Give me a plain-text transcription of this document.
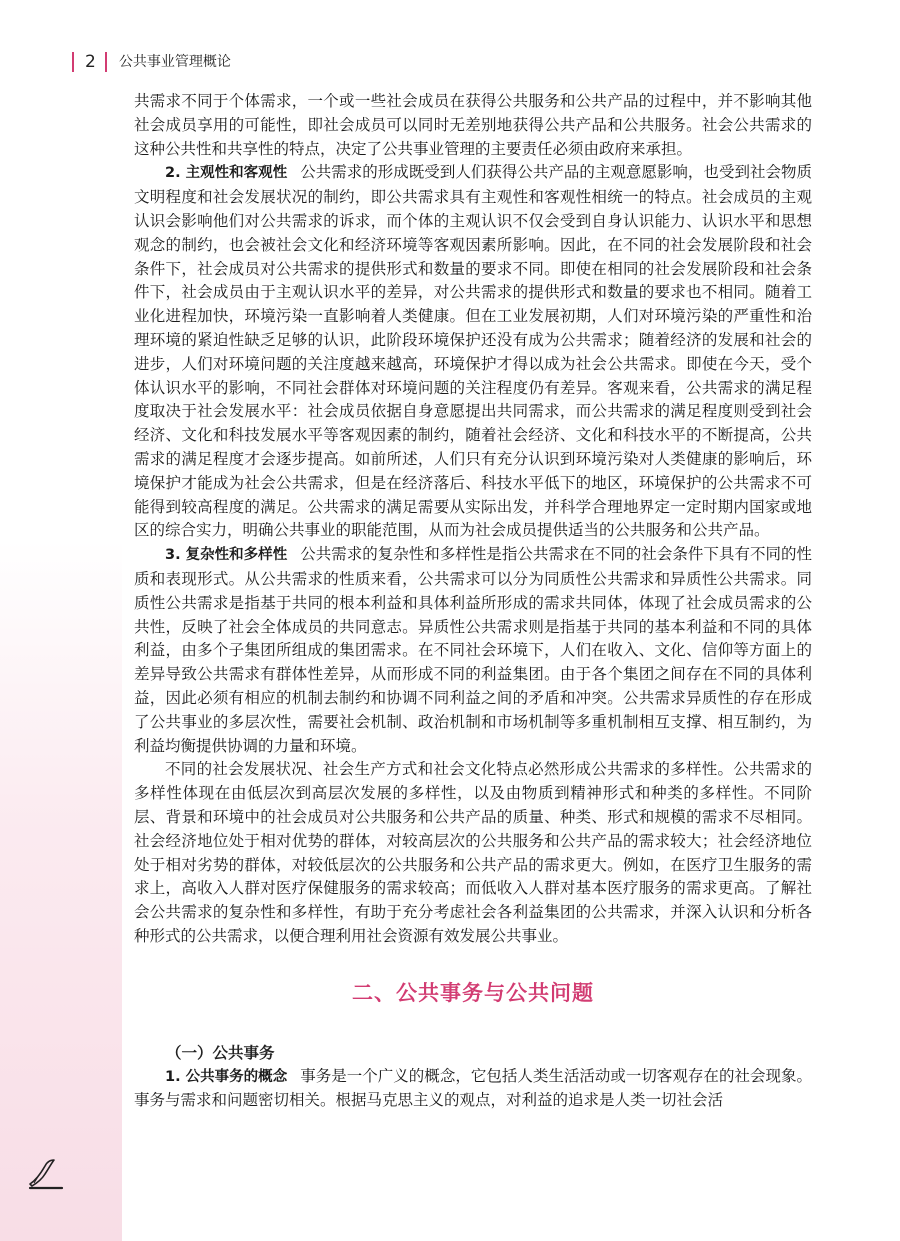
2 公共事业管理概论

共需求不同于个体需求，一个或一些社会成员在获得公共服务和公共产品的过程中，并不影响其他社会成员享用的可能性，即社会成员可以同时无差别地获得公共产品和公共服务。社会公共需求的这种公共性和共享性的特点，决定了公共事业管理的主要责任必须由政府来承担。

2. 主观性和客观性 公共需求的形成既受到人们获得公共产品的主观意愿影响，也受到社会物质文明程度和社会发展状况的制约，即公共需求具有主观性和客观性相统一的特点。社会成员的主观认识会影响他们对公共需求的诉求，而个体的主观认识不仅会受到自身认识能力、认识水平和思想观念的制约，也会被社会文化和经济环境等客观因素所影响。因此，在不同的社会发展阶段和社会条件下，社会成员对公共需求的提供形式和数量的要求不同。即使在相同的社会发展阶段和社会条件下，社会成员由于主观认识水平的差异，对公共需求的提供形式和数量的要求也不相同。随着工业化进程加快，环境污染一直影响着人类健康。但在工业发展初期，人们对环境污染的严重性和治理环境的紧迫性缺乏足够的认识，此阶段环境保护还没有成为公共需求；随着经济的发展和社会的进步，人们对环境问题的关注度越来越高，环境保护才得以成为社会公共需求。即使在今天，受个体认识水平的影响，不同社会群体对环境问题的关注程度仍有差异。客观来看，公共需求的满足程度取决于社会发展水平：社会成员依据自身意愿提出共同需求，而公共需求的满足程度则受到社会经济、文化和科技发展水平等客观因素的制约，随着社会经济、文化和科技水平的不断提高，公共需求的满足程度才会逐步提高。如前所述，人们只有充分认识到环境污染对人类健康的影响后，环境保护才能成为社会公共需求，但是在经济落后、科技水平低下的地区，环境保护的公共需求不可能得到较高程度的满足。公共需求的满足需要从实际出发，并科学合理地界定一定时期内国家或地区的综合实力，明确公共事业的职能范围，从而为社会成员提供适当的公共服务和公共产品。

3. 复杂性和多样性 公共需求的复杂性和多样性是指公共需求在不同的社会条件下具有不同的性质和表现形式。从公共需求的性质来看，公共需求可以分为同质性公共需求和异质性公共需求。同质性公共需求是指基于共同的根本利益和具体利益所形成的需求共同体，体现了社会成员需求的公共性，反映了社会全体成员的共同意志。异质性公共需求则是指基于共同的基本利益和不同的具体利益，由多个子集团所组成的集团需求。在不同社会环境下，人们在收入、文化、信仰等方面上的差异导致公共需求有群体性差异，从而形成不同的利益集团。由于各个集团之间存在不同的具体利益，因此必须有相应的机制去制约和协调不同利益之间的矛盾和冲突。公共需求异质性的存在形成了公共事业的多层次性，需要社会机制、政治机制和市场机制等多重机制相互支撑、相互制约，为利益均衡提供协调的力量和环境。

不同的社会发展状况、社会生产方式和社会文化特点必然形成公共需求的多样性。公共需求的多样性体现在由低层次到高层次发展的多样性，以及由物质到精神形式和种类的多样性。不同阶层、背景和环境中的社会成员对公共服务和公共产品的质量、种类、形式和规模的需求不尽相同。社会经济地位处于相对优势的群体，对较高层次的公共服务和公共产品的需求较大；社会经济地位处于相对劣势的群体，对较低层次的公共服务和公共产品的需求更大。例如，在医疗卫生服务的需求上，高收入人群对医疗保健服务的需求较高；而低收入人群对基本医疗服务的需求更高。了解社会公共需求的复杂性和多样性，有助于充分考虑社会各利益集团的公共需求，并深入认识和分析各种形式的公共需求，以便合理利用社会资源有效发展公共事业。

二、公共事务与公共问题
（一）公共事务

1. 公共事务的概念 事务是一个广义的概念，它包括人类生活活动或一切客观存在的社会现象。事务与需求和问题密切相关。根据马克思主义的观点，对利益的追求是人类一切社会活
